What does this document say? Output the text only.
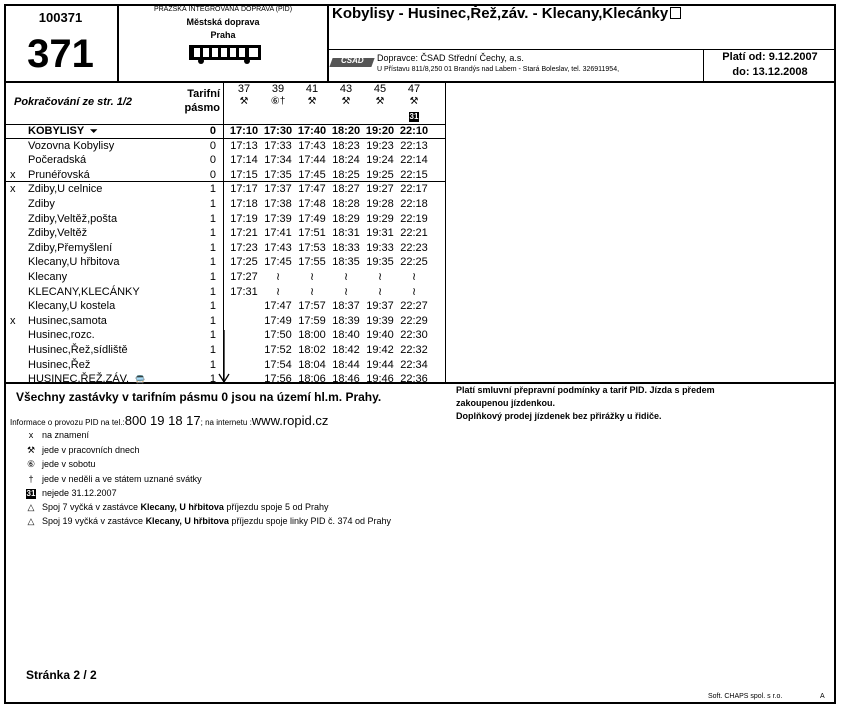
100371
371
PRAŽSKÁ INTEGROVANÁ DOPRAVA (PID)
Městská doprava
Praha
Kobylisy - Husinec,Řež,záv. - Klecany,Klecánky
ČSAD Dopravce: ČSAD Střední Čechy, a.s.
U Přístavu 811/8,250 01 Brandýs nad Labem - Stará Boleslav, tel. 326911954,
Platí od: 9.12.2007
do: 13.12.2008
Pokračování ze str. 1/2
Tarifní
pásmo
37
⚒
39
⑥†
41
⚒
43
⚒
45
⚒
47
⚒
31
KOBYLISY ⏷	0 17:10 17:30 17:40 18:20 19:20 22:10
Vozovna Kobylisy	0 17:13 17:33 17:43 18:23 19:23 22:13
Počeradská	0 17:14 17:34 17:44 18:24 19:24 22:14
x Prunéřovská	0 17:15 17:35 17:45 18:25 19:25 22:15
x Zdiby,U celnice	1 17:17 17:37 17:47 18:27 19:27 22:17
Zdiby	1 17:18 17:38 17:48 18:28 19:28 22:18
Zdiby,Veltěž,pošta	1 17:19 17:39 17:49 18:29 19:29 22:19
Zdiby,Veltěž	1 17:21 17:41 17:51 18:31 19:31 22:21
Zdiby,Přemyšlení	1 17:23 17:43 17:53 18:33 19:33 22:23
Klecany,U hřbitova	1 17:25 17:45 17:55 18:35 19:35 22:25
Klecany	1 17:27	≀	≀	≀	≀	≀
KLECANY,KLECÁNKY	1 17:31	≀	≀	≀	≀	≀
Klecany,U kostela	1	17:47 17:57 18:37 19:37 22:27
x Husinec,samota	1	17:49 17:59 18:39 19:39 22:29
Husinec,rozc.	1	17:50 18:00 18:40 19:40 22:30
Husinec,Řež,sídliště	1	17:52 18:02 18:42 19:42 22:32
Husinec,Řež	1	17:54 18:04 18:44 19:44 22:34
HUSINEC,ŘEŽ,ZÁV. 🚍	1	17:56 18:06 18:46 19:46 22:36
Všechny zastávky v tarifním pásmu 0 jsou na území hl.m. Prahy.
Informace o provozu PID na tel.:800 19 18 17; na internetu :www.ropid.cz
Platí smluvní přepravní podmínky a tarif PID. Jízda s předem
zakoupenou jízdenkou.
Doplňkový prodej jízdenek bez přirážky u řidiče.
x na znamení
⚒ jede v pracovních dnech
⑥ jede v sobotu
† jede v neděli a ve státem uznané svátky
31 nejede 31.12.2007
△ Spoj 7 vyčká v zastávce Klecany, U hřbitova příjezdu spoje 5 od Prahy
△ Spoj 19 vyčká v zastávce Klecany, U hřbitova příjezdu spoje linky PID č. 374 od Prahy
Stránka 2 / 2
Soft. CHAPS spol. s r.o.	A
